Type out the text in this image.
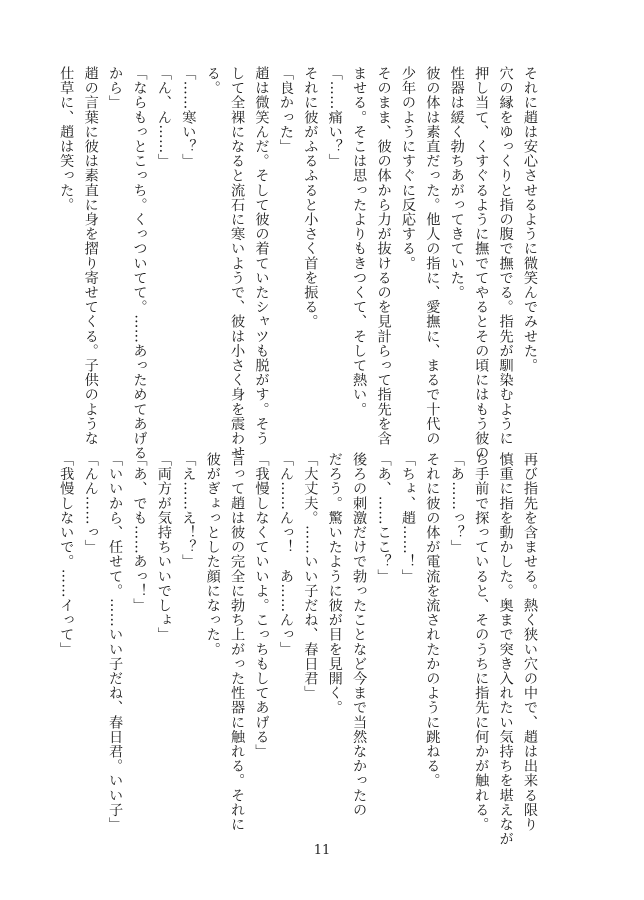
それに趙は安心させるように微笑んでみせた。
穴の縁をゆっくりと指の腹で撫でる。指先が馴染むように
押し当て、くすぐるように撫でてやるとその頃にはもう彼の
性器は緩く勃ちあがってきていた。
彼の体は素直だった。他人の指に、愛撫に、まるで十代の
少年のようにすぐに反応する。
そのまま、彼の体から力が抜けるのを見計らって指先を含
ませる。そこは思ったよりもきつくて、そして熱い。
「……痛い？」
それに彼がふるふると小さく首を振る。
「良かった」
趙は微笑んだ。そして彼の着ていたシャツも脱がす。そう
して全裸になると流石に寒いようで、彼は小さく身を震わせ
る。
「……寒い？」
「ん、ん……」
「ならもっとこっち。くっついてて。……あっためてあげる
から」
趙の言葉に彼は素直に身を摺り寄せてくる。子供のような
仕草に、趙は笑った。
再び指先を含ませる。熱く狭い穴の中で、趙は出来る限り
慎重に指を動かした。奥まで突き入れたい気持ちを堪えなが
ら手前で探っていると、そのうちに指先に何かが触れる。
「あ……っ？」
それに彼の体が電流を流されたかのように跳ねる。
「ちょ、趙……！」
「あ、……ここ？」
後ろの刺激だけで勃ったことなど今まで当然なかったの
だろう。驚いたように彼が目を見開く。
「大丈夫。……いい子だね、春日君」
「ん……んっ！　あ……んっ」
「我慢しなくていいよ。こっちもしてあげる」
言って趙は彼の完全に勃ち上がった性器に触れる。それに
彼がぎょっとした顔になった。
「え……え！？」
「両方が気持ちいいでしょ」
「あ、でも……あっ！」
「いいから、任せて。……いい子だね、春日君。いい子」
「んん……っ」
「我慢しないで。……イって」
11
